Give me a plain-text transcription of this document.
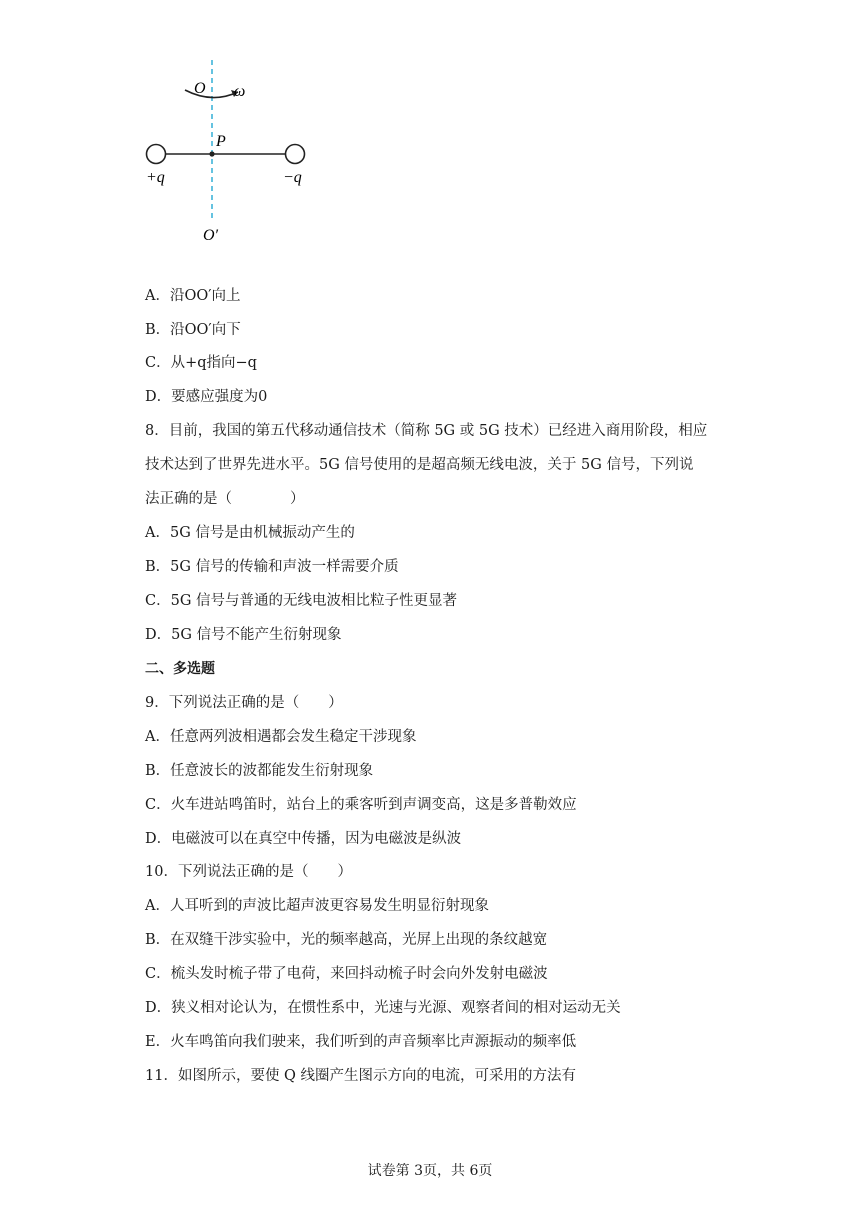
O ω
P
+q	−q
O′
A．沿OO′向上
B．沿OO′向下
C．从+q指向−q
D．要感应强度为0
8．目前，我国的第五代移动通信技术（简称 5G 或 5G 技术）已经进入商用阶段，相应
技术达到了世界先进水平。5G 信号使用的是超高频无线电波，关于 5G 信号，下列说
法正确的是（　　　　）
A．5G 信号是由机械振动产生的
B．5G 信号的传输和声波一样需要介质
C．5G 信号与普通的无线电波相比粒子性更显著
D．5G 信号不能产生衍射现象
二、多选题
9．下列说法正确的是（　　）
A．任意两列波相遇都会发生稳定干涉现象
B．任意波长的波都能发生衍射现象
C．火车进站鸣笛时，站台上的乘客听到声调变高，这是多普勒效应
D．电磁波可以在真空中传播，因为电磁波是纵波
10．下列说法正确的是（　　）
A．人耳听到的声波比超声波更容易发生明显衍射现象
B．在双缝干涉实验中，光的频率越高，光屏上出现的条纹越宽
C．梳头发时梳子带了电荷，来回抖动梳子时会向外发射电磁波
D．狭义相对论认为，在惯性系中，光速与光源、观察者间的相对运动无关
E．火车鸣笛向我们驶来，我们听到的声音频率比声源振动的频率低
11．如图所示，要使 Q 线圈产生图示方向的电流，可采用的方法有
试卷第 3页，共 6页
